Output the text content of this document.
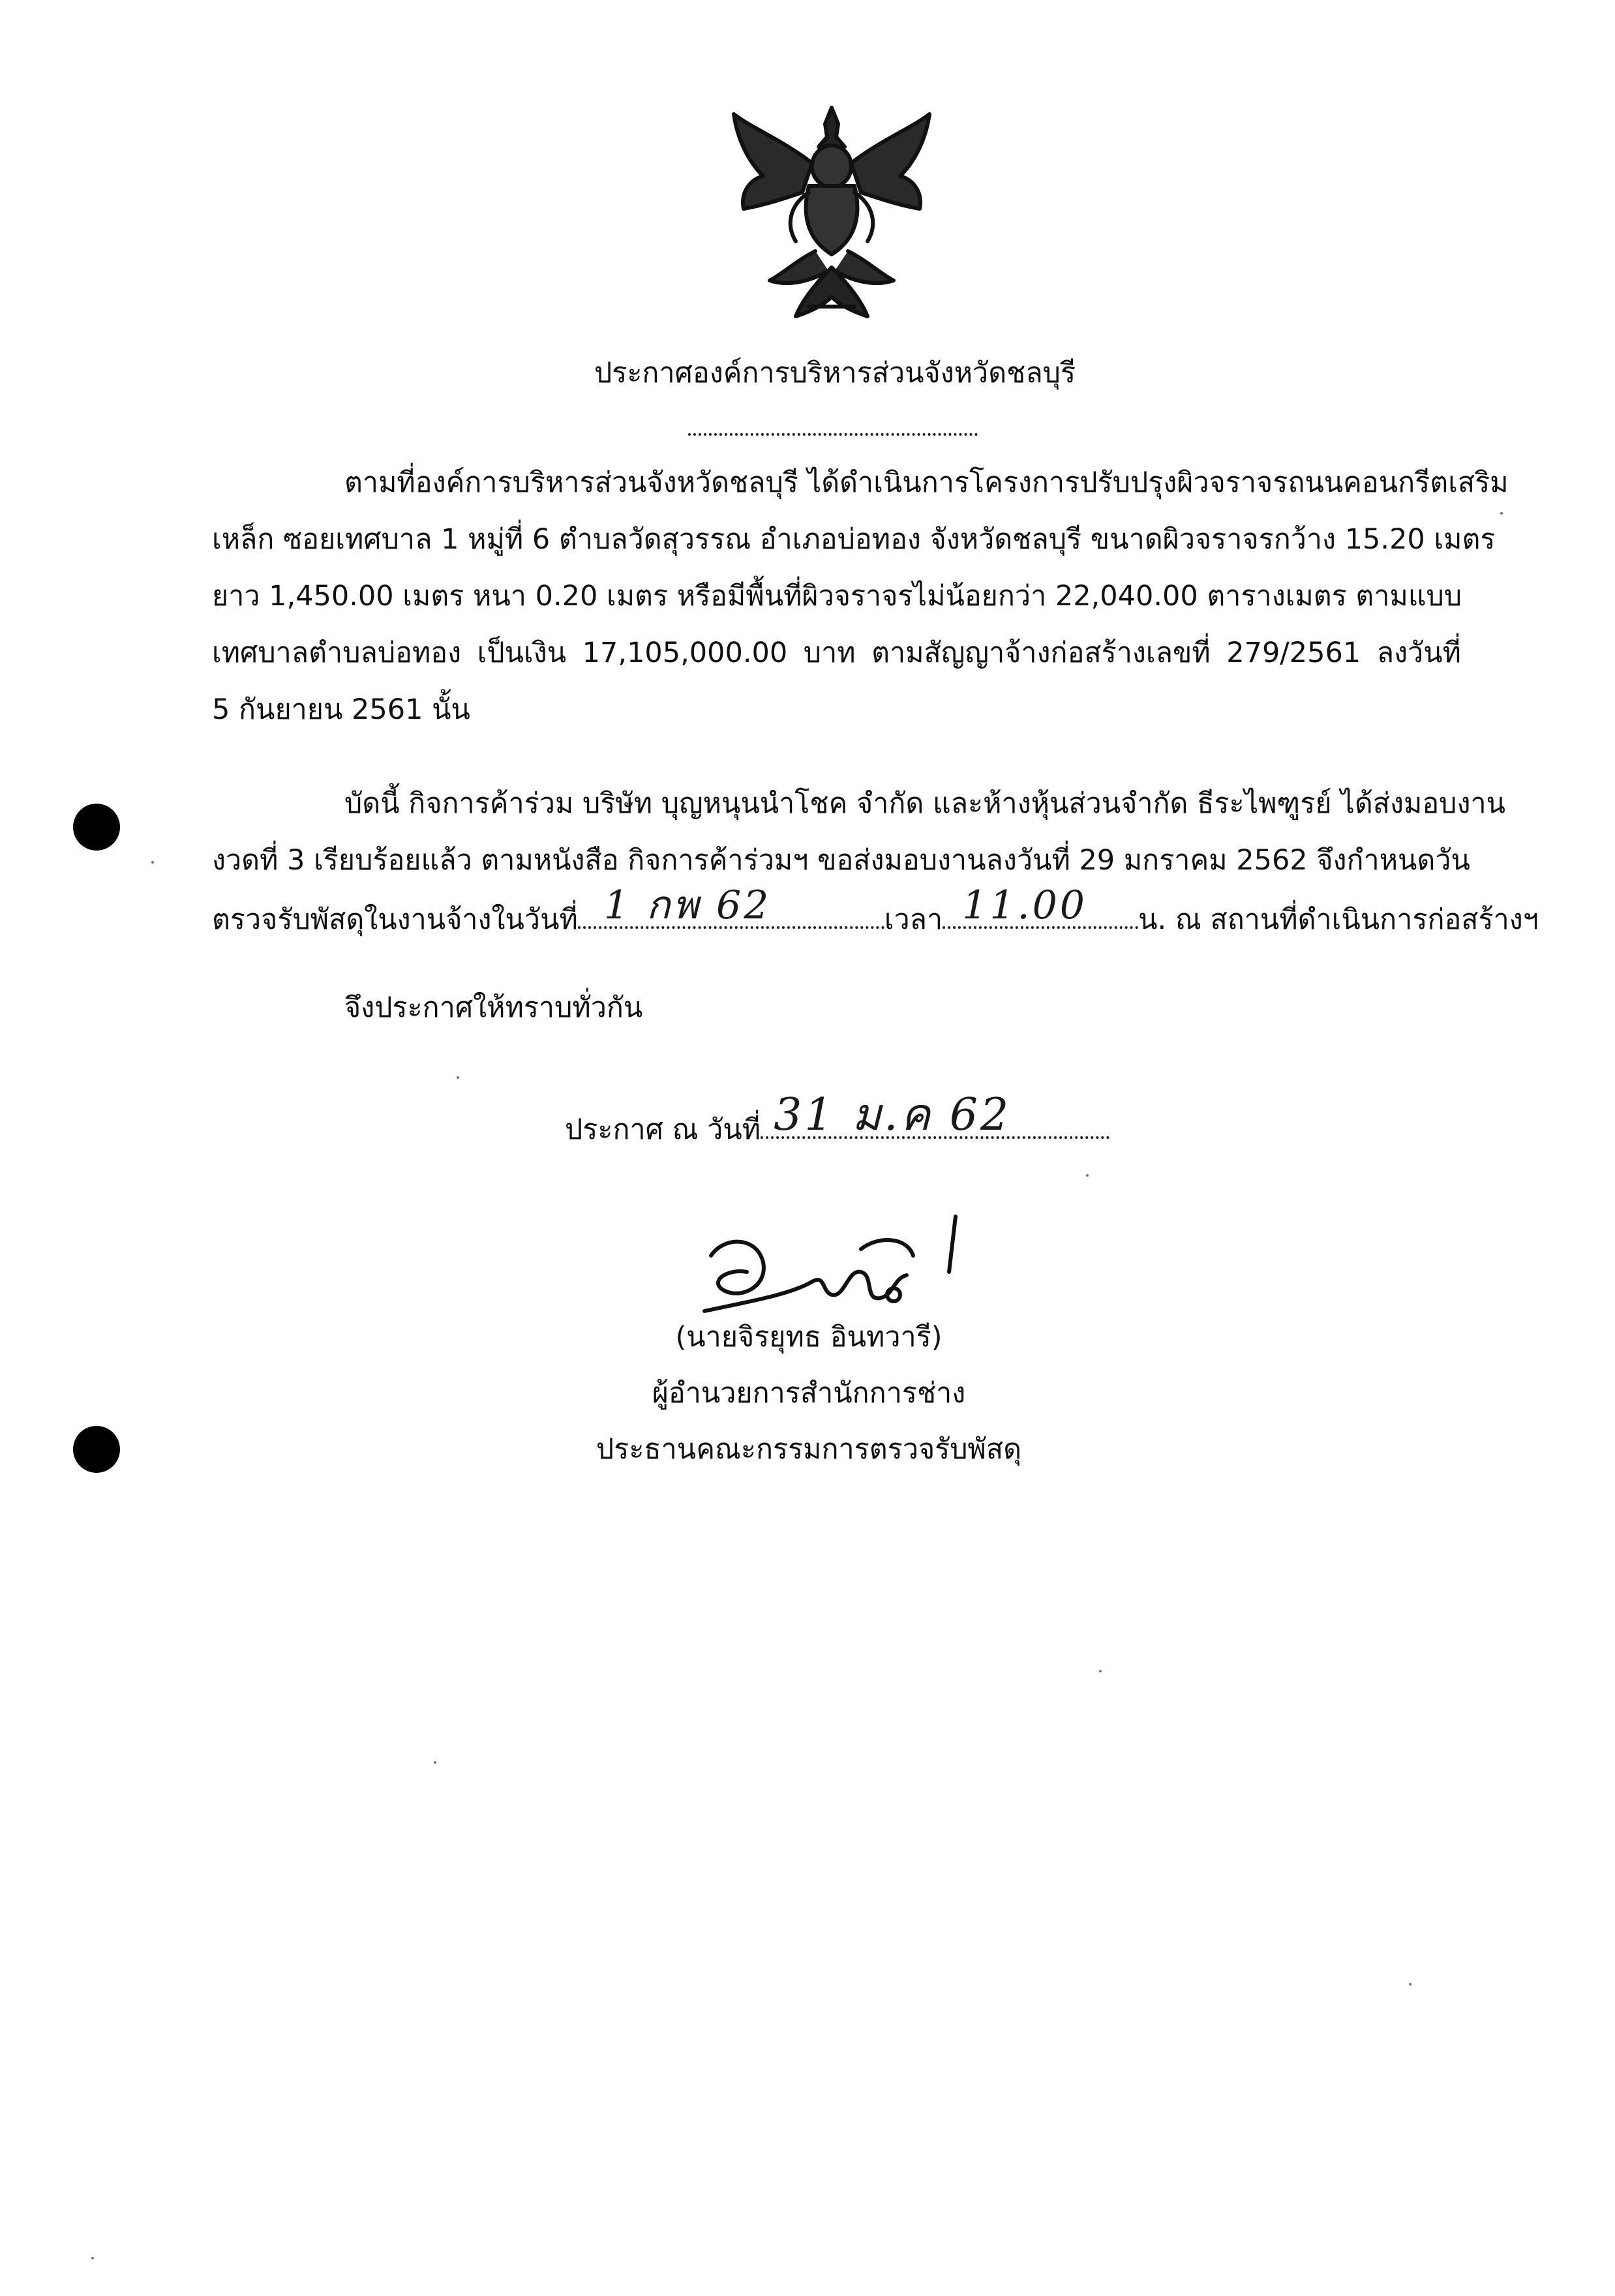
ประกาศองค์การบริหารส่วนจังหวัดชลบุรี
ตามที่องค์การบริหารส่วนจังหวัดชลบุรี ได้ดำเนินการโครงการปรับปรุงผิวจราจรถนนคอนกรีตเสริม
เหล็ก ซอยเทศบาล 1 หมู่ที่ 6 ตำบลวัดสุวรรณ อำเภอบ่อทอง จังหวัดชลบุรี ขนาดผิวจราจรกว้าง 15.20 เมตร
ยาว 1,450.00 เมตร หนา 0.20 เมตร หรือมีพื้นที่ผิวจราจรไม่น้อยกว่า 22,040.00 ตารางเมตร ตามแบบ
เทศบาลตำบลบ่อทอง เป็นเงิน 17,105,000.00 บาท ตามสัญญาจ้างก่อสร้างเลขที่ 279/2561 ลงวันที่
5 กันยายน 2561 นั้น
บัดนี้ กิจการค้าร่วม บริษัท บุญหนุนนำโชค จำกัด และห้างหุ้นส่วนจำกัด ธีระไพฑูรย์ ได้ส่งมอบงาน
งวดที่ 3 เรียบร้อยแล้ว ตามหนังสือ กิจการค้าร่วมฯ ขอส่งมอบงานลงวันที่ 29 มกราคม 2562 จึงกำหนดวัน
ตรวจรับพัสดุในงานจ้างในวันที่ 1 กพ 62	เวลา 11.00 น. ณ สถานที่ดำเนินการก่อสร้างฯ
จึงประกาศให้ทราบทั่วกัน
ประกาศ ณ วันที่ 31 ม.ค 62
(นายจิรยุทธ อินทวารี)
ผู้อำนวยการสำนักการช่าง
ประธานคณะกรรมการตรวจรับพัสดุ
